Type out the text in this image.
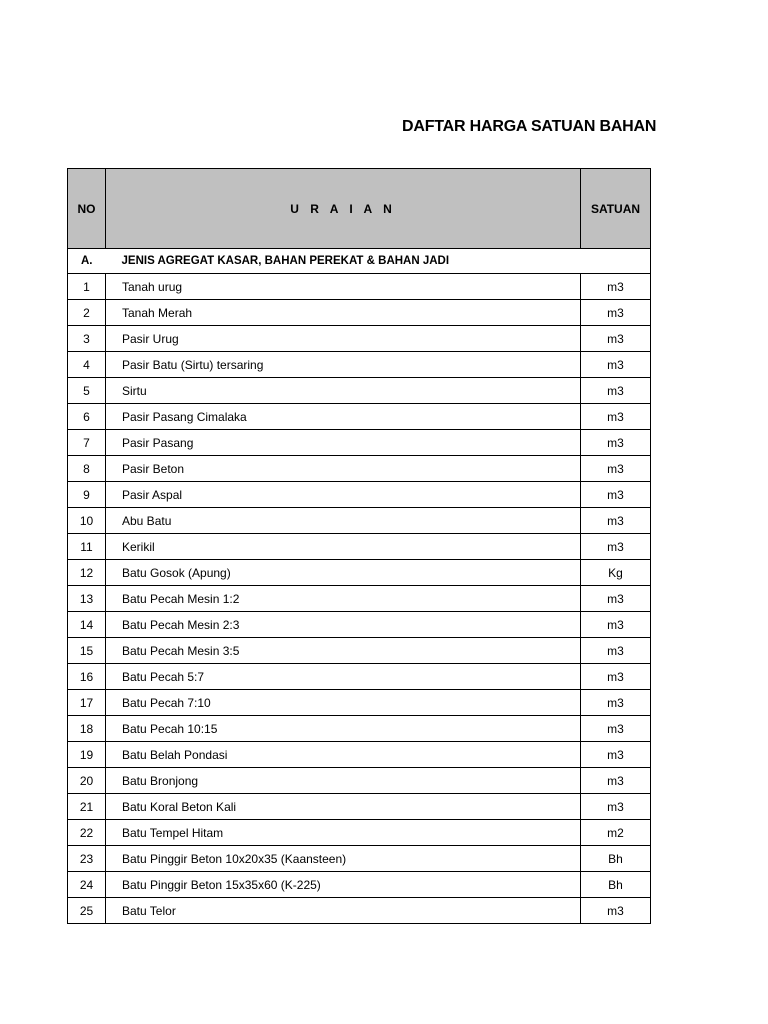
DAFTAR HARGA SATUAN BAHAN
NO	U R A I A N	SATUAN
A.	JENIS AGREGAT KASAR, BAHAN PEREKAT & BAHAN JADI	
1	Tanah urug	m3
2	Tanah Merah	m3
3	Pasir Urug	m3
4	Pasir Batu (Sirtu) tersaring	m3
5	Sirtu	m3
6	Pasir Pasang Cimalaka	m3
7	Pasir Pasang	m3
8	Pasir Beton	m3
9	Pasir Aspal	m3
10	Abu Batu	m3
11	Kerikil	m3
12	Batu Gosok (Apung)	Kg
13	Batu Pecah Mesin 1:2	m3
14	Batu Pecah Mesin 2:3	m3
15	Batu Pecah Mesin 3:5	m3
16	Batu Pecah 5:7	m3
17	Batu Pecah 7:10	m3
18	Batu Pecah 10:15	m3
19	Batu Belah Pondasi	m3
20	Batu Bronjong	m3
21	Batu Koral Beton Kali	m3
22	Batu Tempel Hitam	m2
23	Batu Pinggir Beton 10x20x35 (Kaansteen)	Bh
24	Batu Pinggir Beton 15x35x60 (K-225)	Bh
25	Batu Telor	m3
